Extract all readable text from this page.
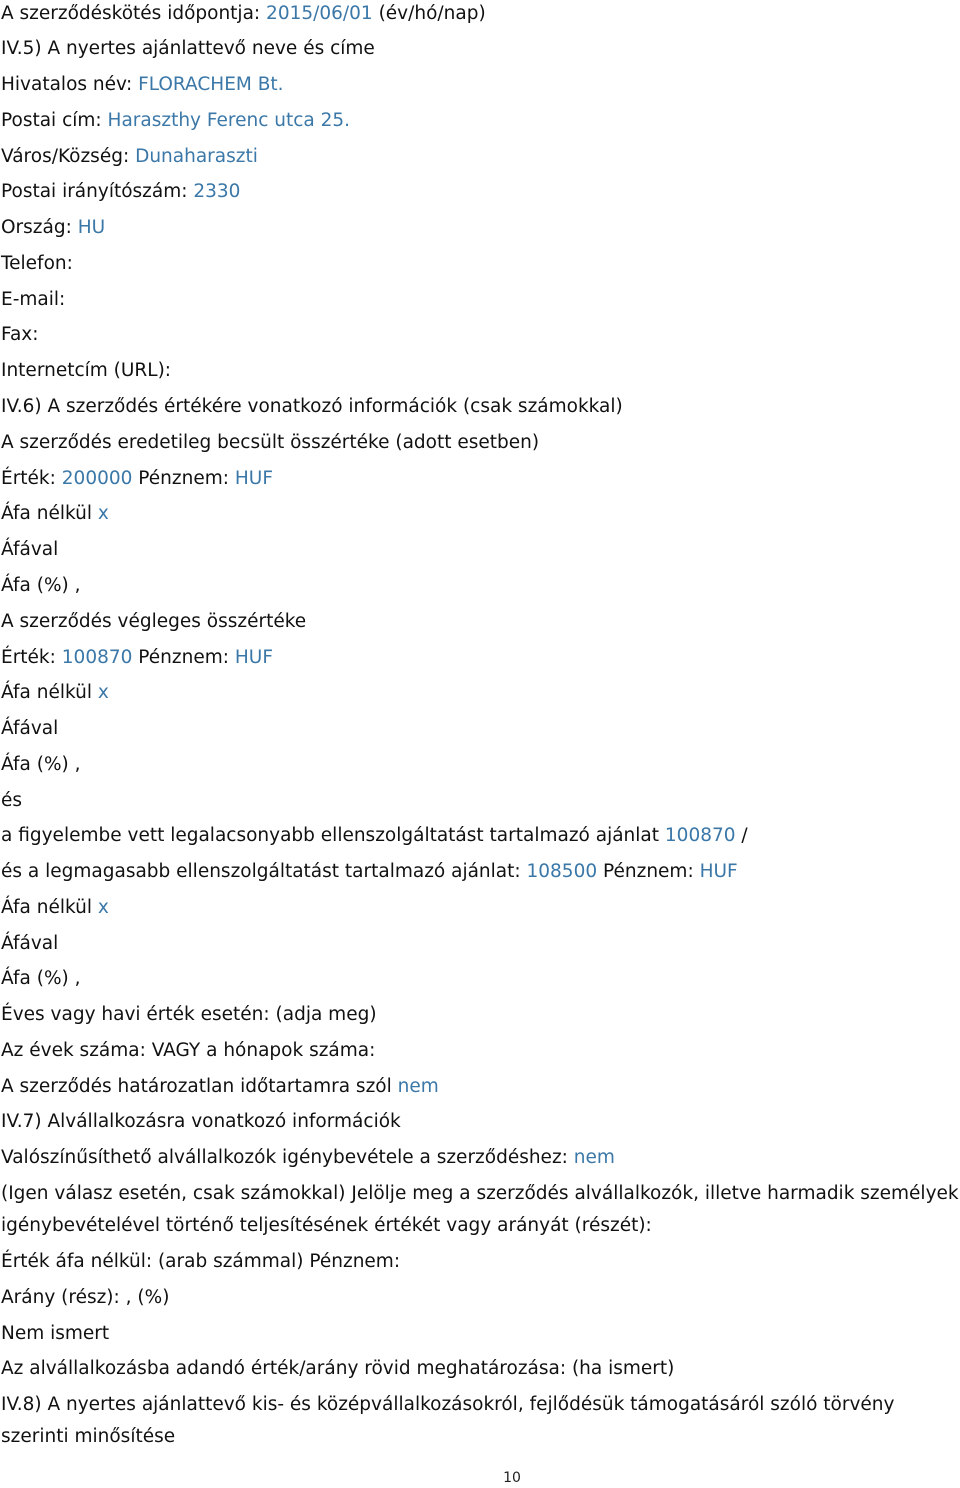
A szerződéskötés időpontja: 2015/06/01 (év/hó/nap)
IV.5) A nyertes ajánlattevő neve és címe
Hivatalos név: FLORACHEM Bt.
Postai cím: Haraszthy Ferenc utca 25.
Város/Község: Dunaharaszti
Postai irányítószám: 2330
Ország: HU
Telefon:
E-mail:
Fax:
Internetcím (URL):
IV.6) A szerződés értékére vonatkozó információk (csak számokkal)
A szerződés eredetileg becsült összértéke (adott esetben)
Érték: 200000 Pénznem: HUF
Áfa nélkül x
Áfával
Áfa (%) ,
A szerződés végleges összértéke
Érték: 100870 Pénznem: HUF
Áfa nélkül x
Áfával
Áfa (%) ,
és
a figyelembe vett legalacsonyabb ellenszolgáltatást tartalmazó ajánlat 100870 /
és a legmagasabb ellenszolgáltatást tartalmazó ajánlat: 108500 Pénznem: HUF
Áfa nélkül x
Áfával
Áfa (%) ,
Éves vagy havi érték esetén: (adja meg)
Az évek száma: VAGY a hónapok száma:
A szerződés határozatlan időtartamra szól nem
IV.7) Alvállalkozásra vonatkozó információk
Valószínűsíthető alvállalkozók igénybevétele a szerződéshez: nem
(Igen válasz esetén, csak számokkal) Jelölje meg a szerződés alvállalkozók, illetve harmadik személyek igénybevételével történő teljesítésének értékét vagy arányát (részét):
Érték áfa nélkül: (arab számmal) Pénznem:
Arány (rész): , (%)
Nem ismert
Az alvállalkozásba adandó érték/arány rövid meghatározása: (ha ismert)
IV.8) A nyertes ajánlattevő kis- és középvállalkozásokról, fejlődésük támogatásáról szóló törvény szerinti minősítése
10
